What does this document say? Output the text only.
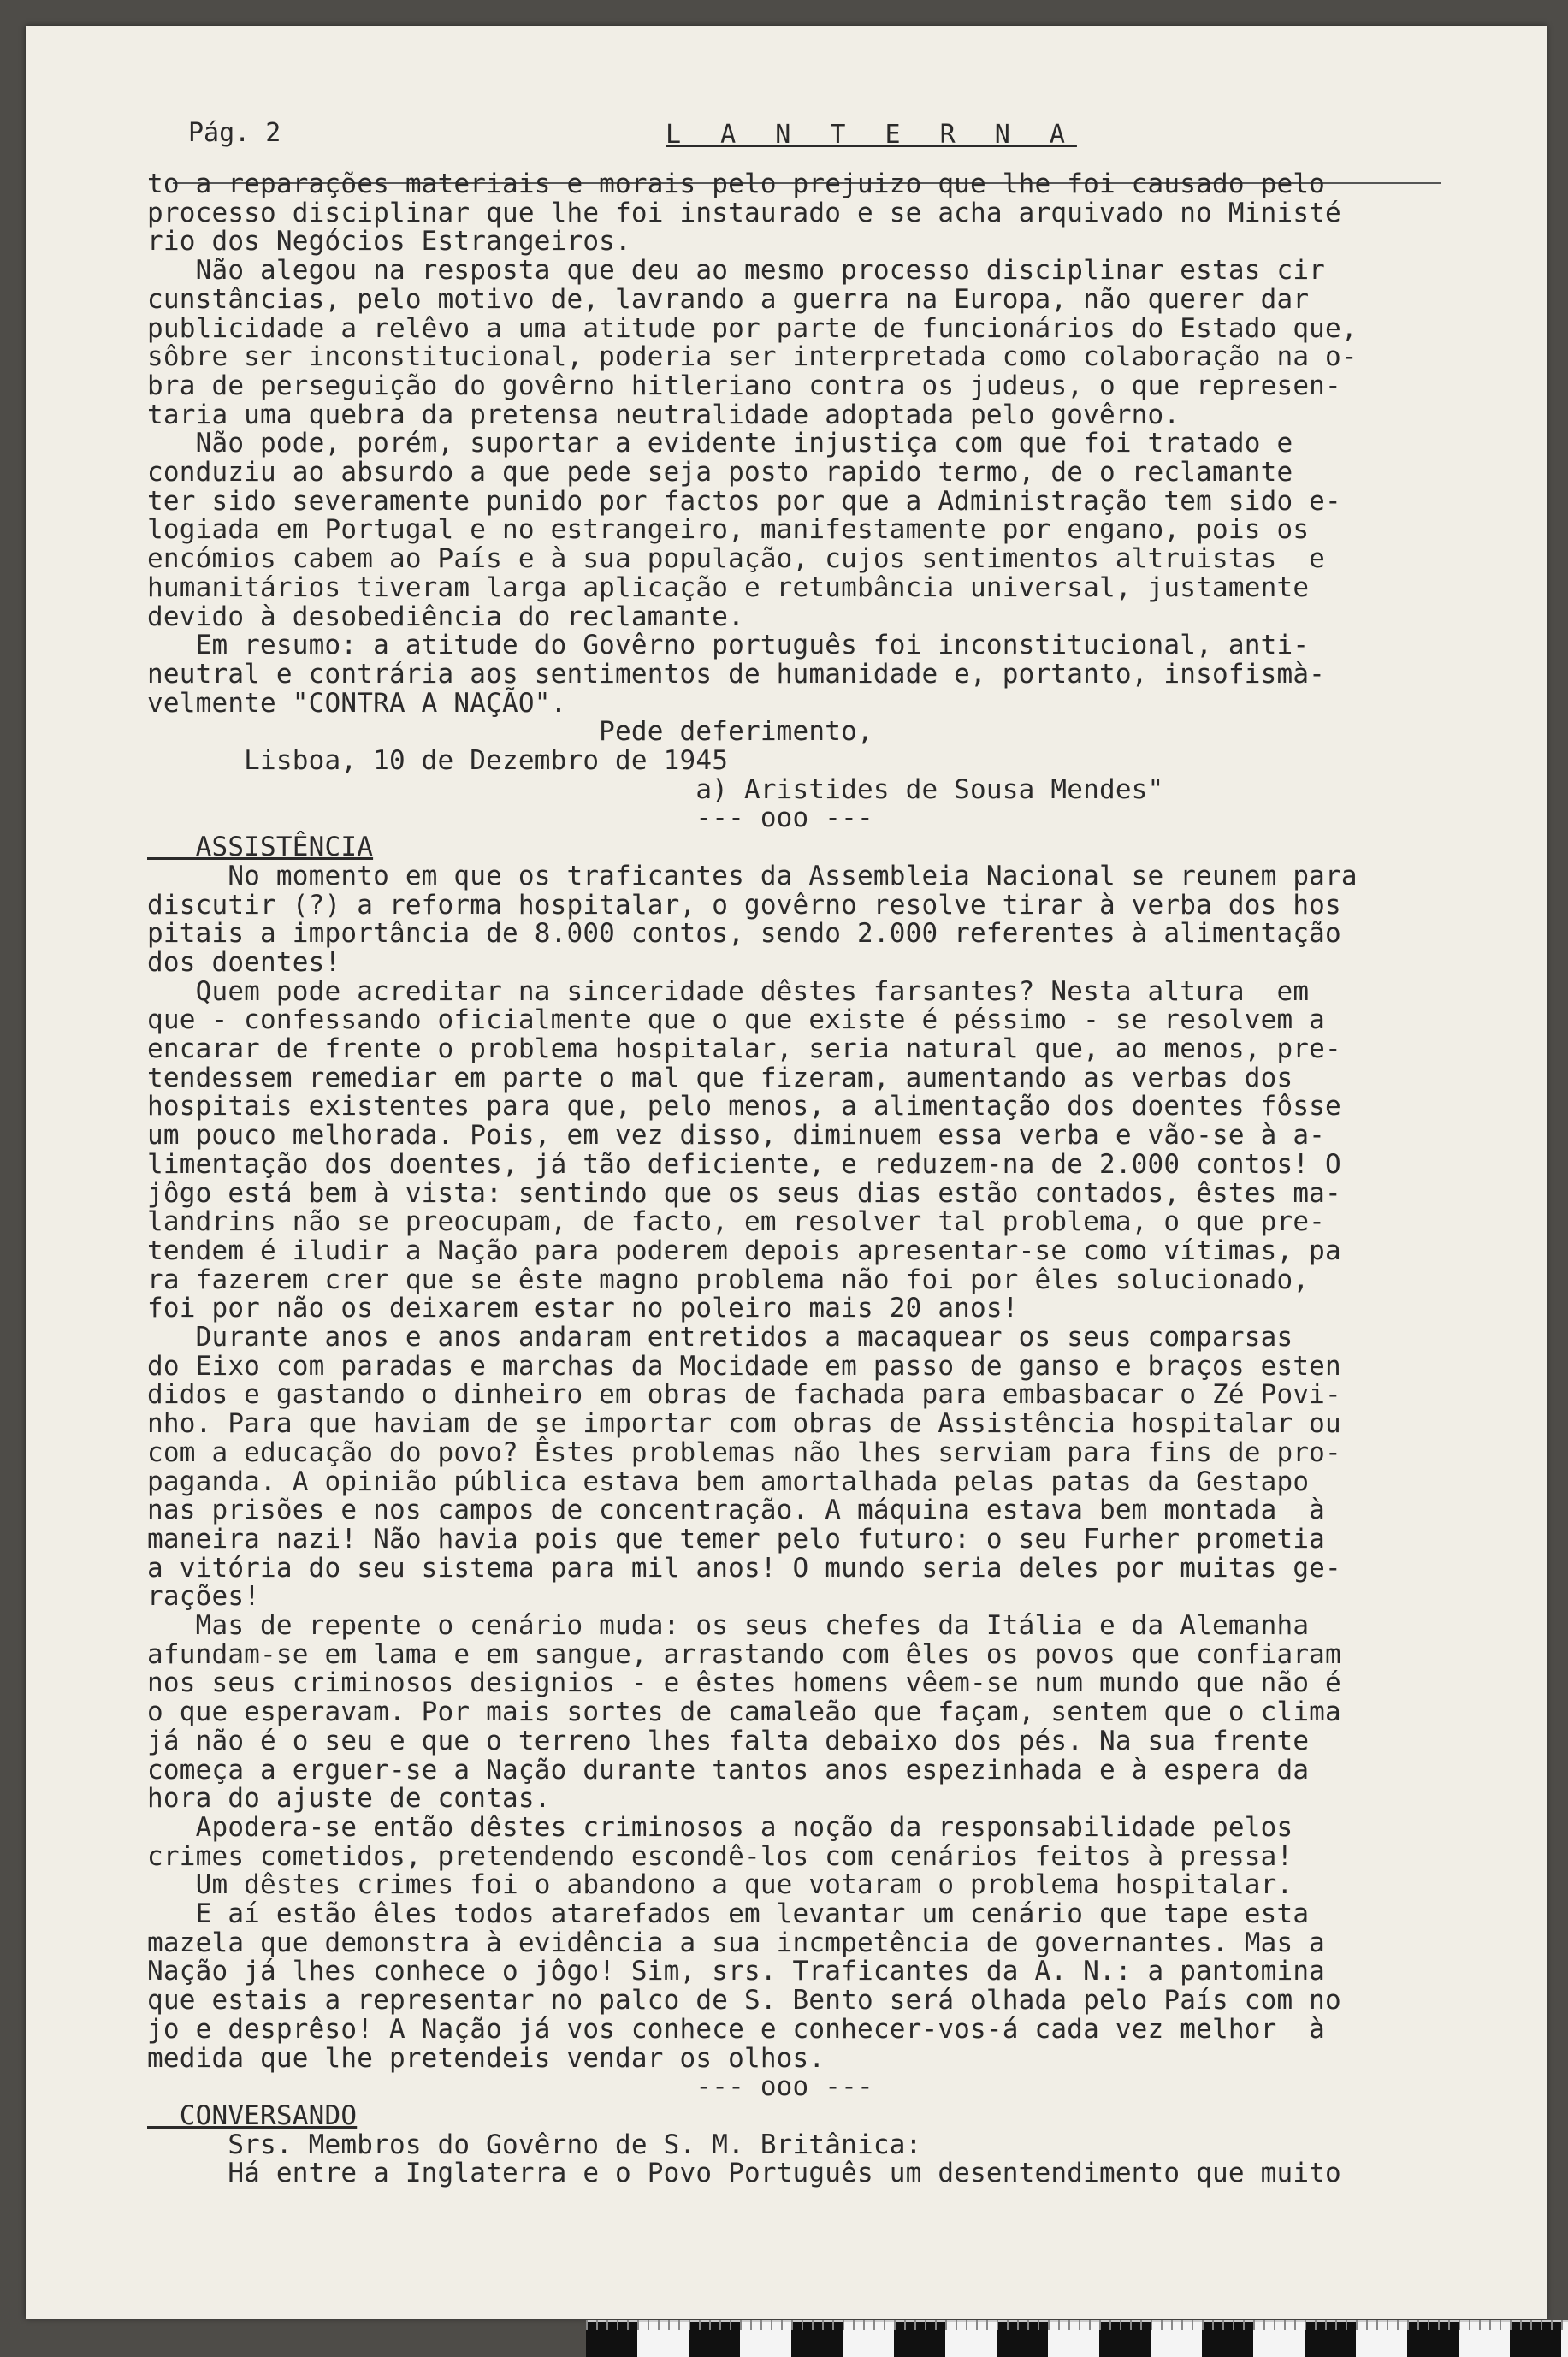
Pág. 2	L A N T E R N A
to a reparações materiais e morais pelo prejuizo que lhe foi causado pelo
processo disciplinar que lhe foi instaurado e se acha arquivado no Ministé
rio dos Negócios Estrangeiros.
Não alegou na resposta que deu ao mesmo processo disciplinar estas cir
cunstâncias, pelo motivo de, lavrando a guerra na Europa, não querer dar
publicidade a relêvo a uma atitude por parte de funcionários do Estado que,
sôbre ser inconstitucional, poderia ser interpretada como colaboração na o-
bra de perseguição do govêrno hitleriano contra os judeus, o que represen-
taria uma quebra da pretensa neutralidade adoptada pelo govêrno.
Não pode, porém, suportar a evidente injustiça com que foi tratado e
conduziu ao absurdo a que pede seja posto rapido termo, de o reclamante
ter sido severamente punido por factos por que a Administração tem sido e-
logiada em Portugal e no estrangeiro, manifestamente por engano, pois os
encómios cabem ao País e à sua população, cujos sentimentos altruistas  e
humanitários tiveram larga aplicação e retumbância universal, justamente
devido à desobediência do reclamante.
Em resumo: a atitude do Govêrno português foi inconstitucional, anti-
neutral e contrária aos sentimentos de humanidade e, portanto, insofismà-
velmente "CONTRA A NAÇÃO".
Pede deferimento,
Lisboa, 10 de Dezembro de 1945
a) Aristides de Sousa Mendes"
--- ooo ---
ASSISTÊNCIA
No momento em que os traficantes da Assembleia Nacional se reunem para
discutir (?) a reforma hospitalar, o govêrno resolve tirar à verba dos hos
pitais a importância de 8.000 contos, sendo 2.000 referentes à alimentação
dos doentes!
Quem pode acreditar na sinceridade dêstes farsantes? Nesta altura  em
que - confessando oficialmente que o que existe é péssimo - se resolvem a
encarar de frente o problema hospitalar, seria natural que, ao menos, pre-
tendessem remediar em parte o mal que fizeram, aumentando as verbas dos
hospitais existentes para que, pelo menos, a alimentação dos doentes fôsse
um pouco melhorada. Pois, em vez disso, diminuem essa verba e vão-se à a-
limentação dos doentes, já tão deficiente, e reduzem-na de 2.000 contos! O
jôgo está bem à vista: sentindo que os seus dias estão contados, êstes ma-
landrins não se preocupam, de facto, em resolver tal problema, o que pre-
tendem é iludir a Nação para poderem depois apresentar-se como vítimas, pa
ra fazerem crer que se êste magno problema não foi por êles solucionado,
foi por não os deixarem estar no poleiro mais 20 anos!
Durante anos e anos andaram entretidos a macaquear os seus comparsas
do Eixo com paradas e marchas da Mocidade em passo de ganso e braços esten
didos e gastando o dinheiro em obras de fachada para embasbacar o Zé Povi-
nho. Para que haviam de se importar com obras de Assistência hospitalar ou
com a educação do povo? Êstes problemas não lhes serviam para fins de pro-
paganda. A opinião pública estava bem amortalhada pelas patas da Gestapo
nas prisões e nos campos de concentração. A máquina estava bem montada  à
maneira nazi! Não havia pois que temer pelo futuro: o seu Furher prometia
a vitória do seu sistema para mil anos! O mundo seria deles por muitas ge-
rações!
Mas de repente o cenário muda: os seus chefes da Itália e da Alemanha
afundam-se em lama e em sangue, arrastando com êles os povos que confiaram
nos seus criminosos designios - e êstes homens vêem-se num mundo que não é
o que esperavam. Por mais sortes de camaleão que façam, sentem que o clima
já não é o seu e que o terreno lhes falta debaixo dos pés. Na sua frente
começa a erguer-se a Nação durante tantos anos espezinhada e à espera da
hora do ajuste de contas.
Apodera-se então dêstes criminosos a noção da responsabilidade pelos
crimes cometidos, pretendendo escondê-los com cenários feitos à pressa!
Um dêstes crimes foi o abandono a que votaram o problema hospitalar.
E aí estão êles todos atarefados em levantar um cenário que tape esta
mazela que demonstra à evidência a sua incmpetência de governantes. Mas a
Nação já lhes conhece o jôgo! Sim, srs. Traficantes da A. N.: a pantomina
que estais a representar no palco de S. Bento será olhada pelo País com no
jo e desprêso! A Nação já vos conhece e conhecer-vos-á cada vez melhor  à
medida que lhe pretendeis vendar os olhos.
--- ooo ---
CONVERSANDO
Srs. Membros do Govêrno de S. M. Britânica:
Há entre a Inglaterra e o Povo Português um desentendimento que muito
